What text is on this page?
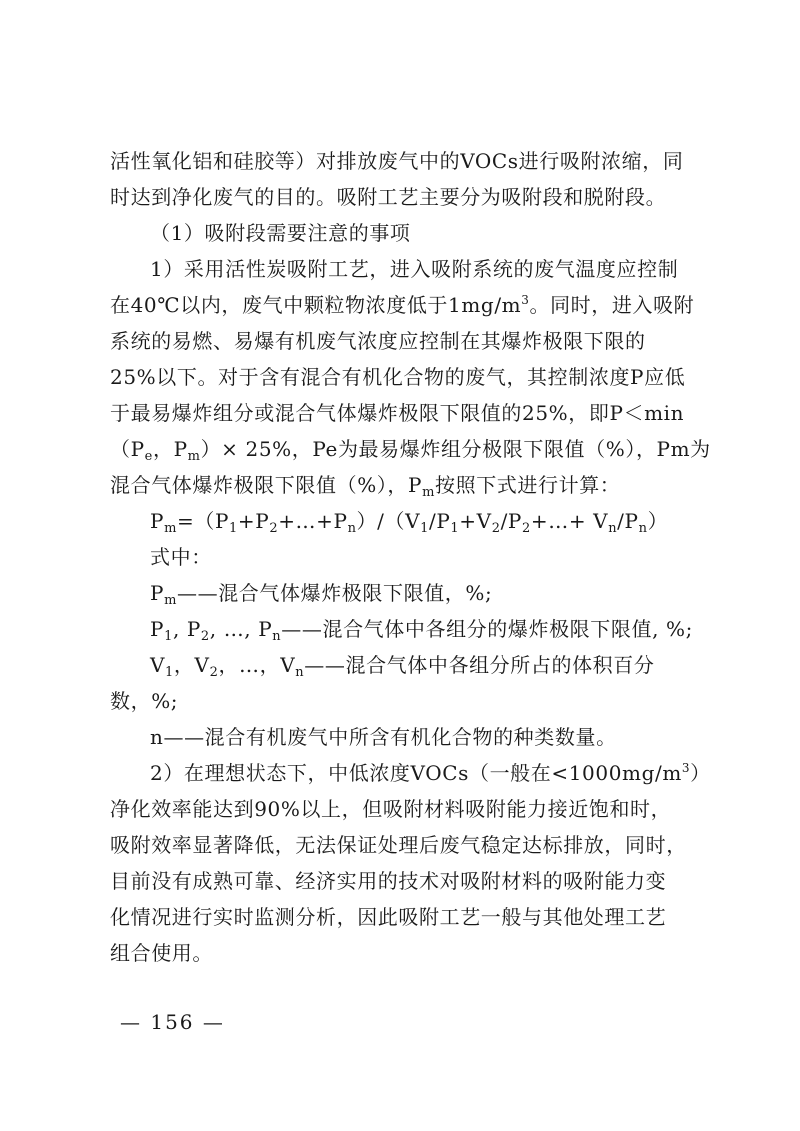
活性氧化铝和硅胶等）对排放废气中的VOCs进行吸附浓缩，同
时达到净化废气的目的。吸附工艺主要分为吸附段和脱附段。
（1）吸附段需要注意的事项
1）采用活性炭吸附工艺，进入吸附系统的废气温度应控制
在40℃以内，废气中颗粒物浓度低于$1mg/m^3$。同时，进入吸附
系统的易燃、易爆有机废气浓度应控制在其爆炸极限下限的
25%以下。对于含有混合有机化合物的废气，其控制浓度P应低
于最易爆炸组分或混合气体爆炸极限下限值的25%，即P＜min
（$P_e$，$P_m)\times 25\%$，Pe为最易爆炸组分极限下限值（%），Pm为
混合气体爆炸极限下限值（%），$P_m$按照下式进行计算：
$P_m=(P_1+P_2+\dots+P_n)/(V_1/P_1+V_2/P_2+\dots+ V_n/P_n)$
式中：
$P_m——$混合气体爆炸极限下限值，%;
$P_1$, $P_2$, …, $P_n——$混合气体中各组分的爆炸极限下限值, %;
$V_1$，$V_2$，…，$V_n——$混合气体中各组分所占的体积百分
数，%;
n——混合有机废气中所含有机化合物的种类数量。
2）在理想状态下，中低浓度VOCs（一般在$<1000mg/m^3$）
净化效率能达到90%以上，但吸附材料吸附能力接近饱和时，
吸附效率显著降低，无法保证处理后废气稳定达标排放，同时，
目前没有成熟可靠、经济实用的技术对吸附材料的吸附能力变
化情况进行实时监测分析，因此吸附工艺一般与其他处理工艺
组合使用。
— 156 —
